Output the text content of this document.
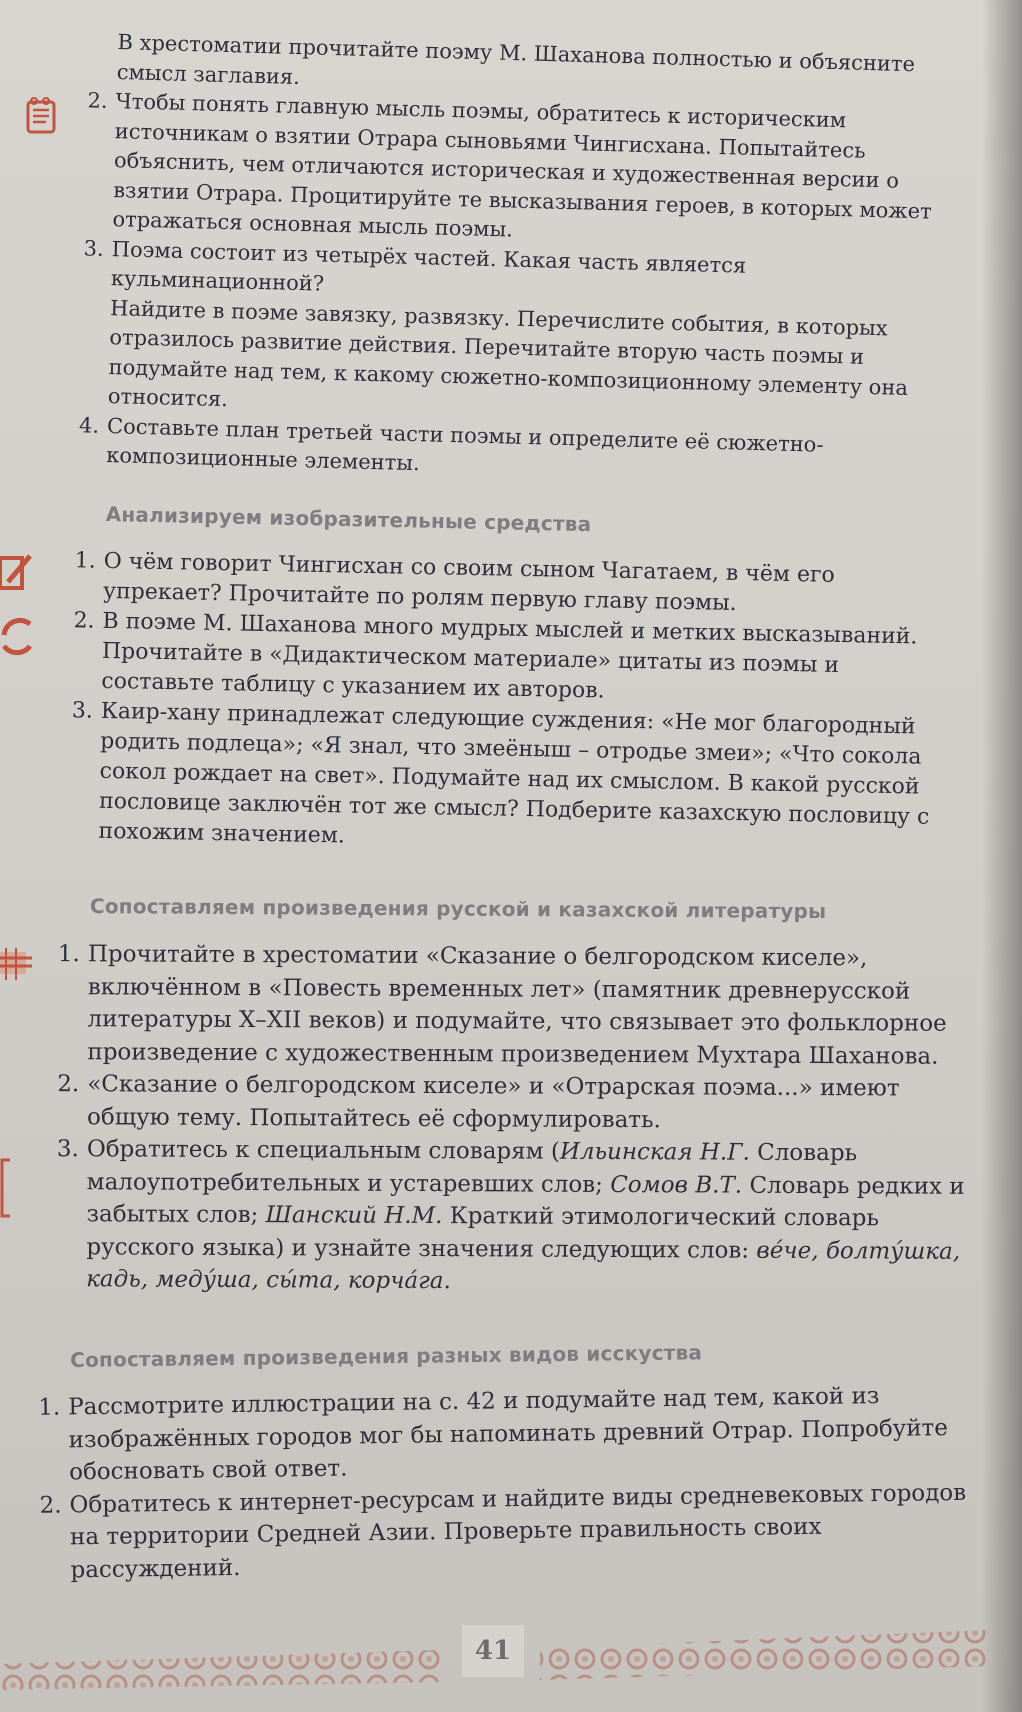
В хрестоматии прочитайте поэму М. Шаханова полностью и объясните смысл заглавия.

2. Чтобы понять главную мысль поэмы, обратитесь к историческим источникам о взятии Отрара сыновьями Чингисхана. Попытайтесь объяснить, чем отличаются историческая и художественная версии о взятии Отрара. Процитируйте те высказывания героев, в которых может отражаться основная мысль поэмы.

3. Поэма состоит из четырёх частей. Какая часть является кульминационной?

Найдите в поэме завязку, развязку. Перечислите события, в которых отразилось развитие действия. Перечитайте вторую часть поэмы и подумайте над тем, к какому сюжетно-композиционному элементу она относится.

4. Составьте план третьей части поэмы и определите её сюжетно-композиционные элементы.

Анализируем изобразительные средства
1. О чём говорит Чингисхан со своим сыном Чагатаем, в чём его упрекает? Прочитайте по ролям первую главу поэмы.

2. В поэме М. Шаханова много мудрых мыслей и метких высказываний. Прочитайте в «Дидактическом материале» цитаты из поэмы и составьте таблицу с указанием их авторов.

3. Каир-хану принадлежат следующие суждения: «Не мог благородный родить подлеца»; «Я знал, что змеёныш – отродье змеи»; «Что сокола сокол рождает на свет». Подумайте над их смыслом. В какой русской пословице заключён тот же смысл? Подберите казахскую пословицу с похожим значением.

Сопоставляем произведения русской и казахской литературы
1. Прочитайте в хрестоматии «Сказание о белгородском киселе», включённом в «Повесть временных лет» (памятник древнерусской литературы X–XII веков) и подумайте, что связывает это фольклорное произведение с художественным произведением Мухтара Шаханова.

2. «Сказание о белгородском киселе» и «Отрарская поэма...» имеют общую тему. Попытайтесь её сформулировать.

3. Обратитесь к специальным словарям (Ильинская Н.Г. Словарь малоупотребительных и устаревших слов; Сомов В.Т. Словарь редких и забытых слов; Шанский Н.М. Краткий этимологический словарь русского языка) и узнайте значения следующих слов: ве́че, болту́шка, кадь, меду́ша, сы́та, корча́га.

Сопоставляем произведения разных видов исскуства
1. Рассмотрите иллюстрации на с. 42 и подумайте над тем, какой из изображённых городов мог бы напоминать древний Отрар. Попробуйте обосновать свой ответ.

2. Обратитесь к интернет-ресурсам и найдите виды средневековых городов на территории Средней Азии. Проверьте правильность своих рассуждений.

41
